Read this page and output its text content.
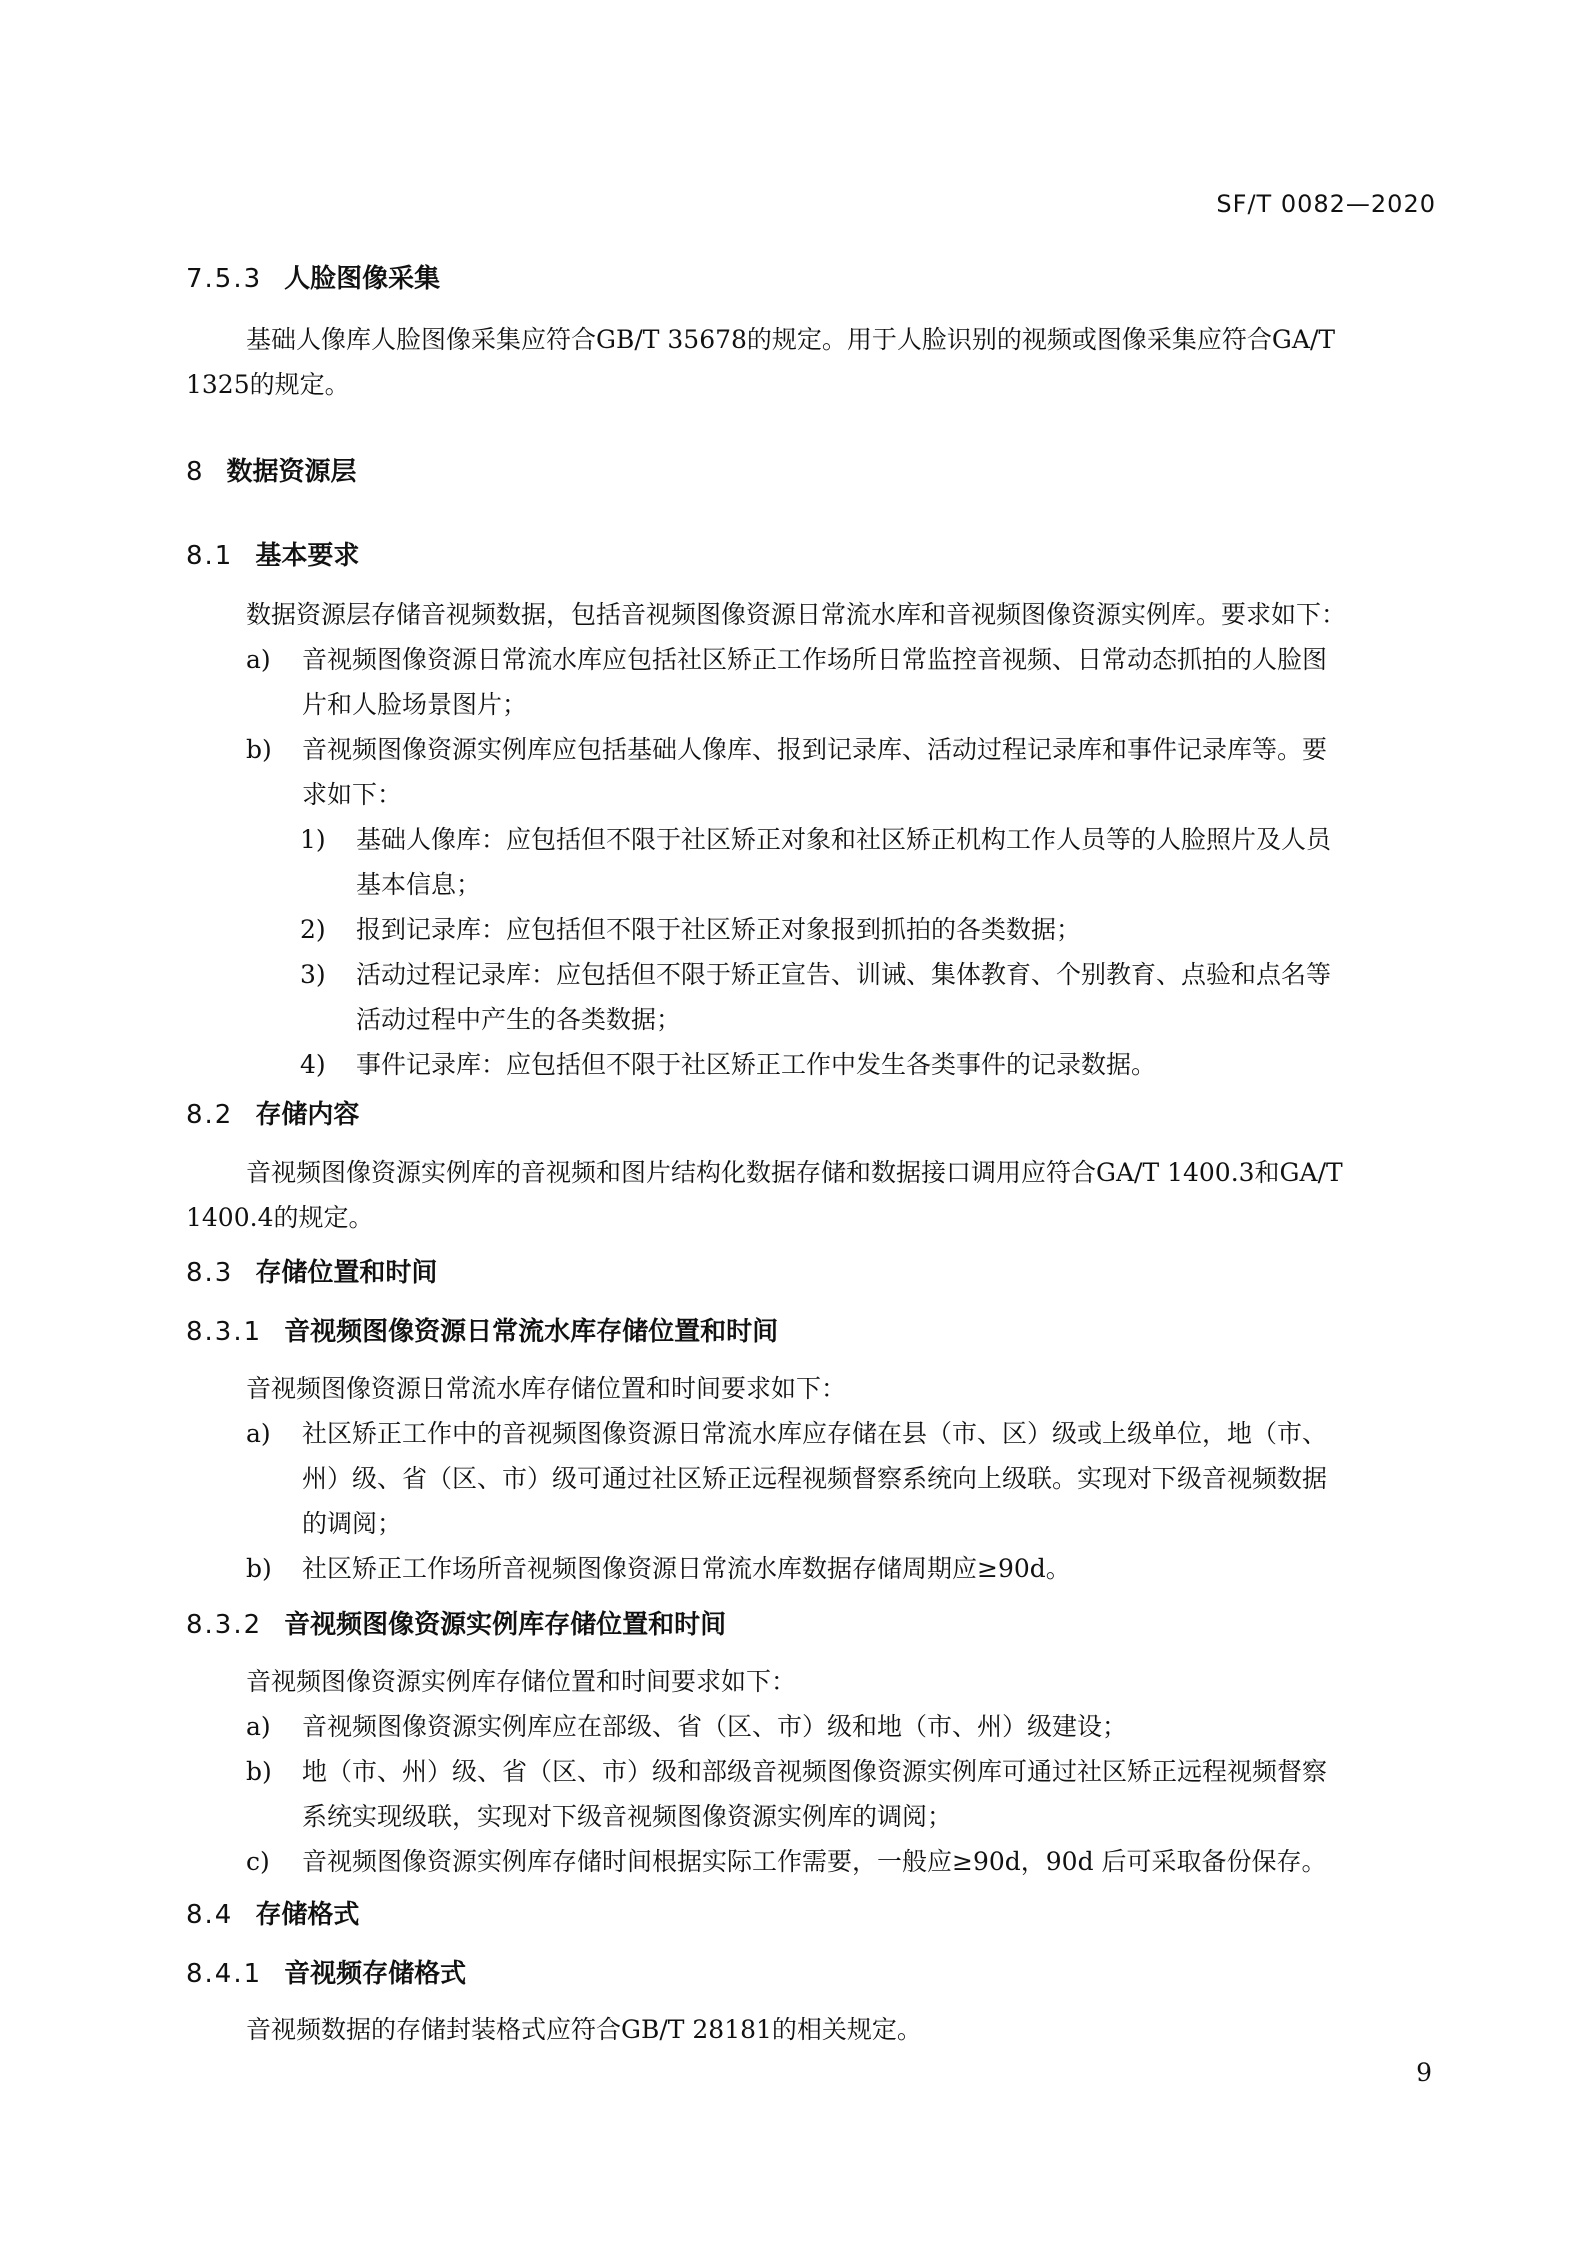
SF/T 0082—2020
7.5.3 人脸图像采集
基础人像库人脸图像采集应符合GB/T 35678的规定。用于人脸识别的视频或图像采集应符合GA/T
1325的规定。
8 数据资源层
8.1 基本要求
数据资源层存储音视频数据，包括音视频图像资源日常流水库和音视频图像资源实例库。要求如下：
a) 音视频图像资源日常流水库应包括社区矫正工作场所日常监控音视频、日常动态抓拍的人脸图
片和人脸场景图片；
b) 音视频图像资源实例库应包括基础人像库、报到记录库、活动过程记录库和事件记录库等。要
求如下：
1) 基础人像库：应包括但不限于社区矫正对象和社区矫正机构工作人员等的人脸照片及人员
基本信息；
2) 报到记录库：应包括但不限于社区矫正对象报到抓拍的各类数据；
3) 活动过程记录库：应包括但不限于矫正宣告、训诫、集体教育、个别教育、点验和点名等
活动过程中产生的各类数据；
4) 事件记录库：应包括但不限于社区矫正工作中发生各类事件的记录数据。
8.2 存储内容
音视频图像资源实例库的音视频和图片结构化数据存储和数据接口调用应符合GA/T 1400.3和GA/T
1400.4的规定。
8.3 存储位置和时间
8.3.1 音视频图像资源日常流水库存储位置和时间
音视频图像资源日常流水库存储位置和时间要求如下：
a) 社区矫正工作中的音视频图像资源日常流水库应存储在县（市、区）级或上级单位，地（市、
州）级、省（区、市）级可通过社区矫正远程视频督察系统向上级联。实现对下级音视频数据
的调阅；
b) 社区矫正工作场所音视频图像资源日常流水库数据存储周期应≥90d。
8.3.2 音视频图像资源实例库存储位置和时间
音视频图像资源实例库存储位置和时间要求如下：
a) 音视频图像资源实例库应在部级、省（区、市）级和地（市、州）级建设；
b) 地（市、州）级、省（区、市）级和部级音视频图像资源实例库可通过社区矫正远程视频督察
系统实现级联，实现对下级音视频图像资源实例库的调阅；
c) 音视频图像资源实例库存储时间根据实际工作需要，一般应≥90d，90d 后可采取备份保存。
8.4 存储格式
8.4.1 音视频存储格式
音视频数据的存储封装格式应符合GB/T 28181的相关规定。
9
